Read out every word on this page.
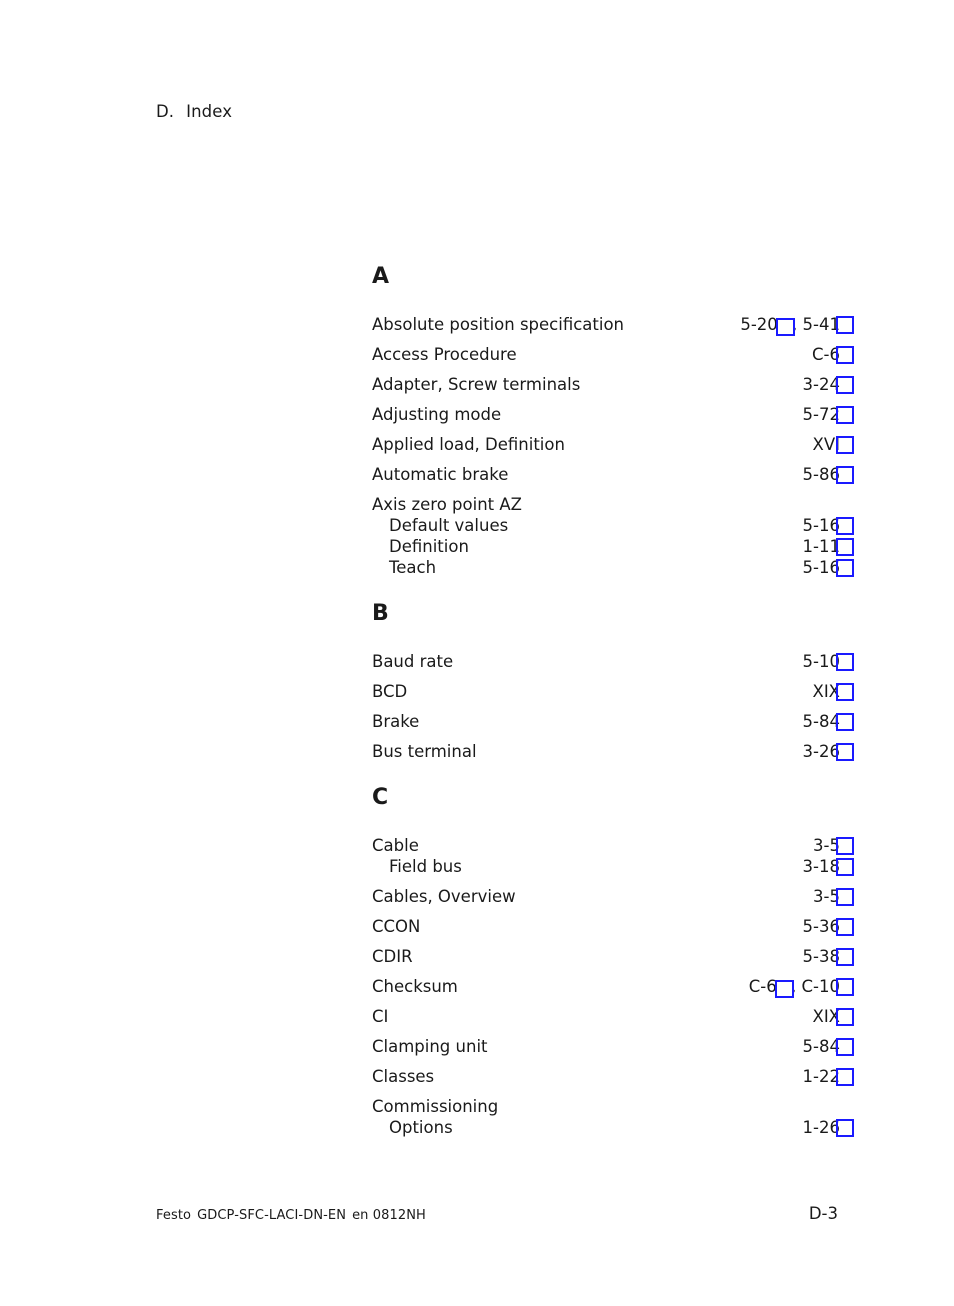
D. Index
A
Absolute position specification	5-20 , 5-41
Access Procedure	C-6
Adapter, Screw terminals	3-24
Adjusting mode	5-72
Applied load, Definition	XVI
Automatic brake	5-86
Axis zero point AZ
Default values	5-16
Definition	1-11
Teach	5-16
B
Baud rate	5-10
BCD	XIX
Brake	5-84
Bus terminal	3-26
C
Cable	3-5
Field bus	3-18
Cables, Overview	3-5
CCON	5-36
CDIR	5-38
Checksum	C-6 , C-10
CI	XIX
Clamping unit	5-84
Classes	1-22
Commissioning
Options	1-26
Festo GDCP-SFC-LACI-DN-EN en 0812NH	D-3
